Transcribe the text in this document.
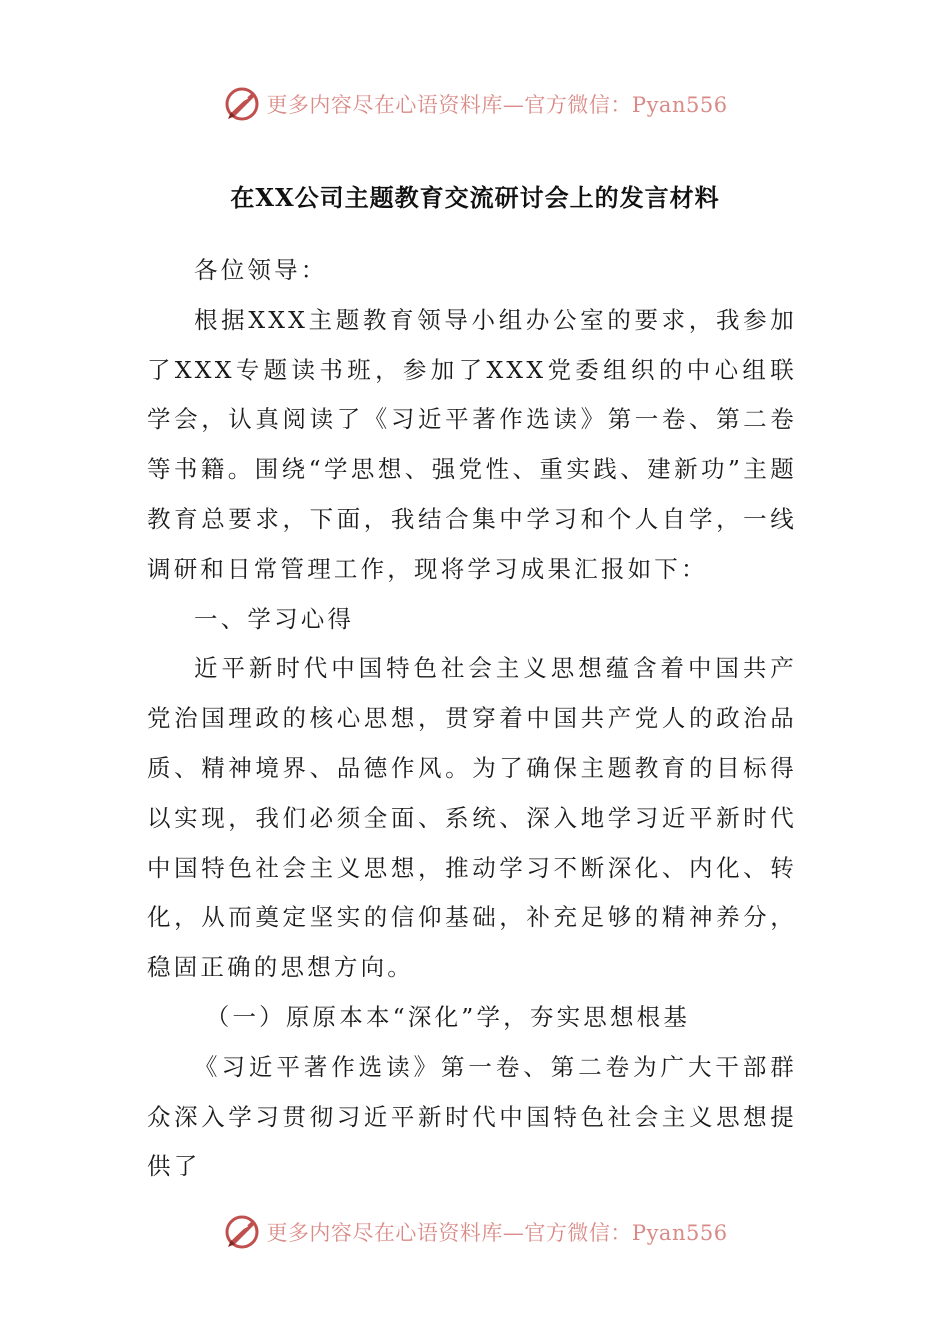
更多内容尽在心语资料库—官方微信：Pyan556
在XX公司主题教育交流研讨会上的发言材料

各位领导：

根据XXX主题教育领导小组办公室的要求，我参加了XXX专题读书班，参加了XXX党委组织的中心组联学会，认真阅读了《习近平著作选读》第一卷、第二卷等书籍。围绕“学思想、强党性、重实践、建新功”主题教育总要求，下面，我结合集中学习和个人自学，一线调研和日常管理工作，现将学习成果汇报如下：

一、学习心得

近平新时代中国特色社会主义思想蕴含着中国共产党治国理政的核心思想，贯穿着中国共产党人的政治品质、精神境界、品德作风。为了确保主题教育的目标得以实现，我们必须全面、系统、深入地学习近平新时代中国特色社会主义思想，推动学习不断深化、内化、转化，从而奠定坚实的信仰基础，补充足够的精神养分，稳固正确的思想方向。

（一）原原本本“深化”学，夯实思想根基

《习近平著作选读》第一卷、第二卷为广大干部群众深入学习贯彻习近平新时代中国特色社会主义思想提供了

更多内容尽在心语资料库—官方微信：Pyan556
